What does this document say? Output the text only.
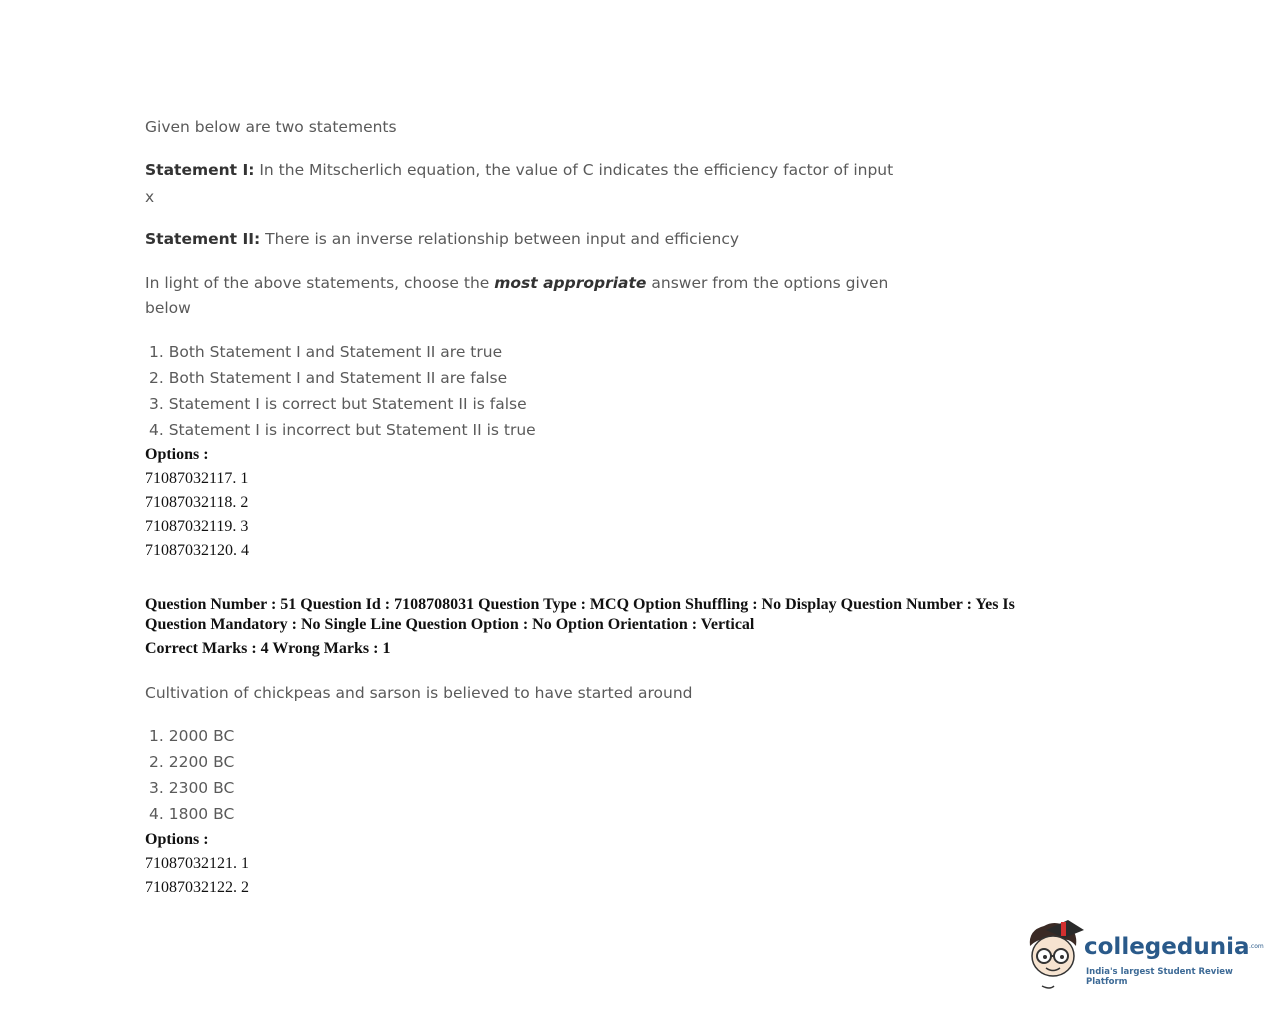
Given below are two statements

Statement I: In the Mitscherlich equation, the value of C indicates the efficiency factor of input

x

Statement II: There is an inverse relationship between input and efficiency

In light of the above statements, choose the most appropriate answer from the options given

below

1. Both Statement I and Statement II are true

2. Both Statement I and Statement II are false

3. Statement I is correct but Statement II is false

4. Statement I is incorrect but Statement II is true

Options :

71087032117. 1

71087032118. 2

71087032119. 3

71087032120. 4

Question Number : 51 Question Id : 7108708031 Question Type : MCQ Option Shuffling : No Display Question Number : Yes Is

Question Mandatory : No Single Line Question Option : No Option Orientation : Vertical

Correct Marks : 4 Wrong Marks : 1

Cultivation of chickpeas and sarson is believed to have started around

1. 2000 BC

2. 2200 BC

3. 2300 BC

4. 1800 BC

Options :

71087032121. 1

71087032122. 2

collegedunia .com
India's largest Student Review Platform
